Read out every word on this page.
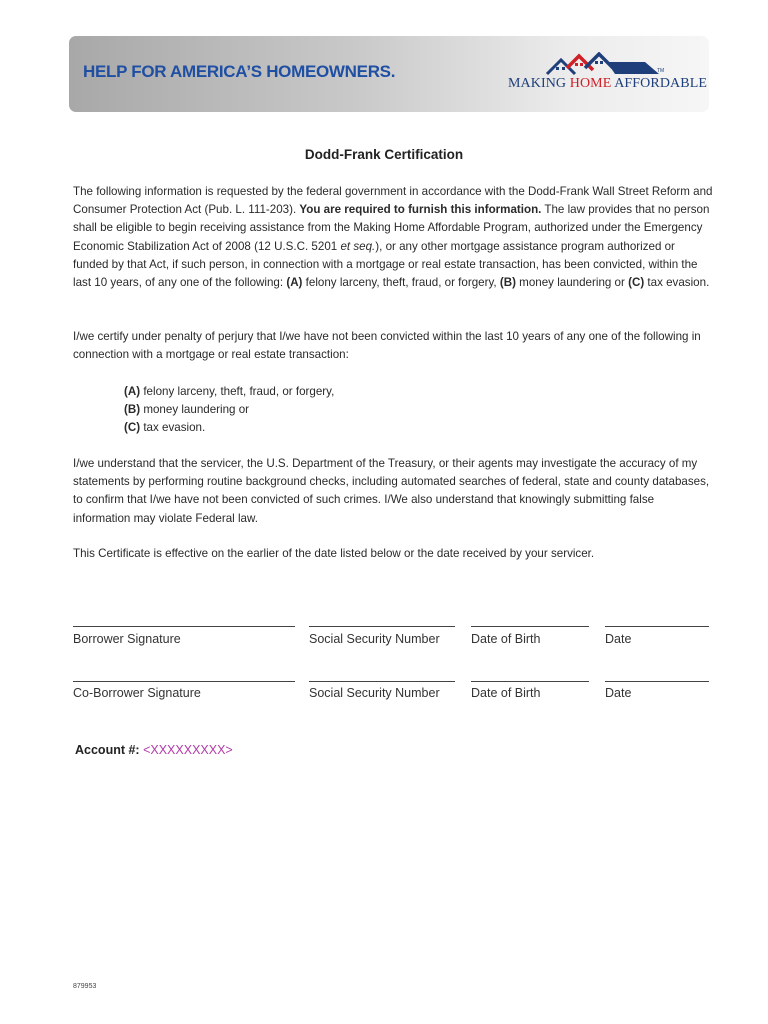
HELP FOR AMERICA’S HOMEOWNERS.	TM
MAKING HOME AFFORDABLE
Dodd-Frank Certification

The following information is requested by the federal government in accordance with the Dodd-Frank Wall Street Reform and Consumer Protection Act (Pub. L. 111-203). You are required to furnish this information. The law provides that no person shall be eligible to begin receiving assistance from the Making Home Affordable Program, authorized under the Emergency Economic Stabilization Act of 2008 (12 U.S.C. 5201 et seq.), or any other mortgage assistance program authorized or funded by that Act, if such person, in connection with a mortgage or real estate transaction, has been convicted, within the last 10 years, of any one of the following: (A) felony larceny, theft, fraud, or forgery, (B) money laundering or (C) tax evasion.

I/we certify under penalty of perjury that I/we have not been convicted within the last 10 years of any one of the following in connection with a mortgage or real estate transaction:

(A) felony larceny, theft, fraud, or forgery,
(B) money laundering or
(C) tax evasion.

I/we understand that the servicer, the U.S. Department of the Treasury, or their agents may investigate the accuracy of my statements by performing routine background checks, including automated searches of federal, state and county databases, to confirm that I/we have not been convicted of such crimes. I/We also understand that knowingly submitting false information may violate Federal law.

This Certificate is effective on the earlier of the date listed below or the date received by your servicer.

Borrower Signature	Social Security Number	Date of Birth	Date
Co-Borrower Signature	Social Security Number	Date of Birth	Date
Account #: <XXXXXXXXX>
879953
